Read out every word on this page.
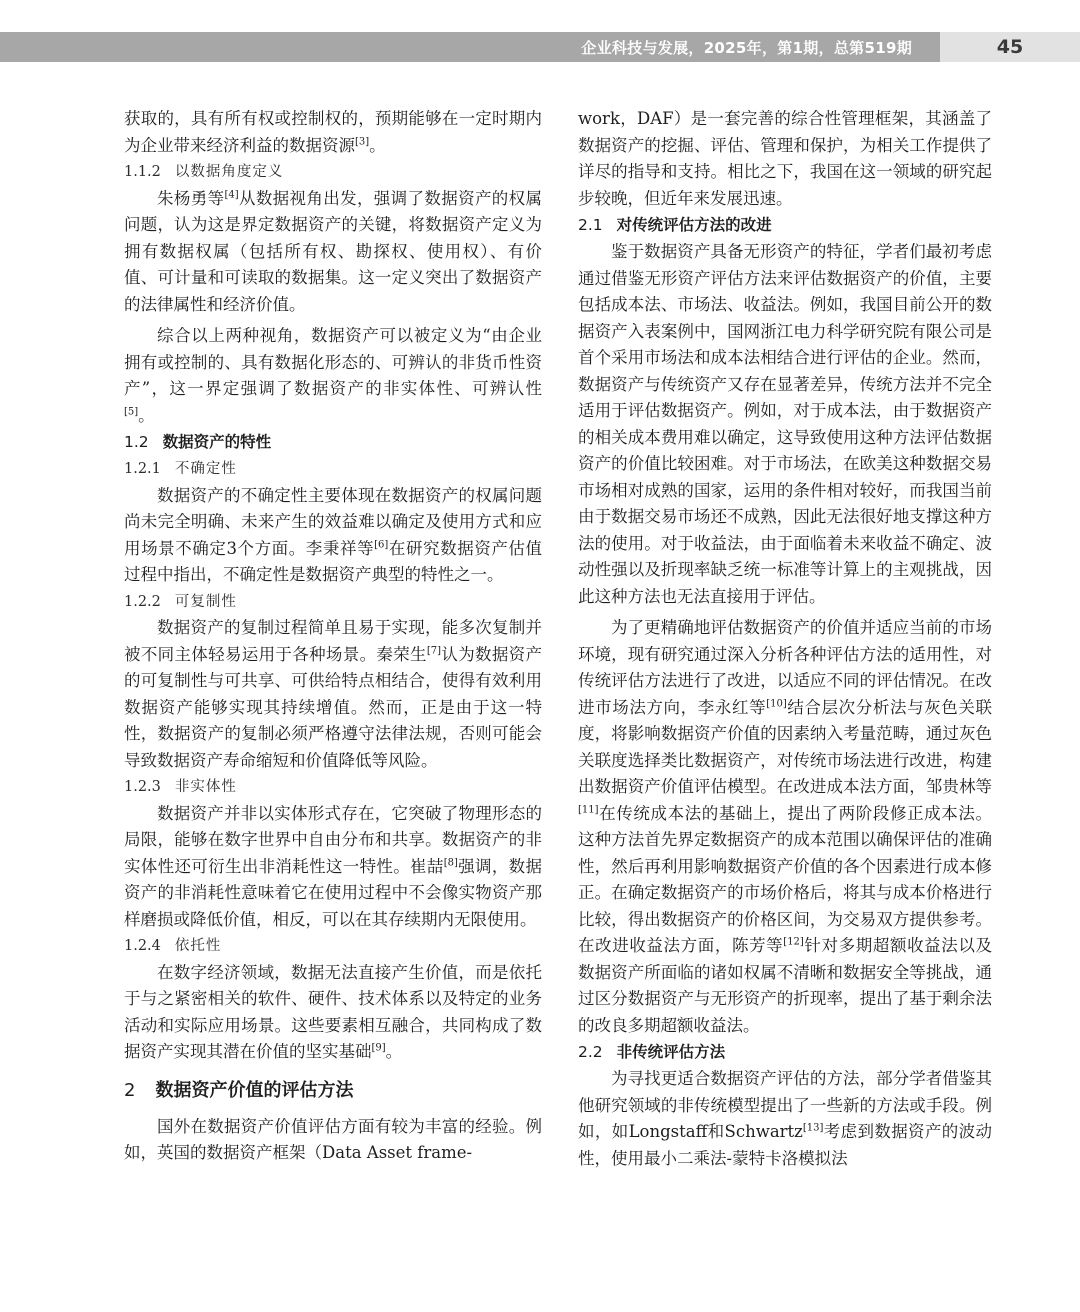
企业科技与发展，2025年，第1期，总第519期	45

获取的，具有所有权或控制权的，预期能够在一定时期内为企业带来经济利益的数据资源[3]。

1.1.2 以数据角度定义

朱杨勇等[4]从数据视角出发，强调了数据资产的权属问题，认为这是界定数据资产的关键，将数据资产定义为拥有数据权属（包括所有权、勘探权、使用权）、有价值、可计量和可读取的数据集。这一定义突出了数据资产的法律属性和经济价值。

综合以上两种视角，数据资产可以被定义为“由企业拥有或控制的、具有数据化形态的、可辨认的非货币性资产”，这一界定强调了数据资产的非实体性、可辨认性[5]。

1.2 数据资产的特性
1.2.1 不确定性

数据资产的不确定性主要体现在数据资产的权属问题尚未完全明确、未来产生的效益难以确定及使用方式和应用场景不确定3个方面。李秉祥等[6]在研究数据资产估值过程中指出，不确定性是数据资产典型的特性之一。

1.2.2 可复制性

数据资产的复制过程简单且易于实现，能多次复制并被不同主体轻易运用于各种场景。秦荣生[7]认为数据资产的可复制性与可共享、可供给特点相结合，使得有效利用数据资产能够实现其持续增值。然而，正是由于这一特性，数据资产的复制必须严格遵守法律法规，否则可能会导致数据资产寿命缩短和价值降低等风险。

1.2.3 非实体性

数据资产并非以实体形式存在，它突破了物理形态的局限，能够在数字世界中自由分布和共享。数据资产的非实体性还可衍生出非消耗性这一特性。崔喆[8]强调，数据资产的非消耗性意味着它在使用过程中不会像实物资产那样磨损或降低价值，相反，可以在其存续期内无限使用。

1.2.4 依托性

在数字经济领域，数据无法直接产生价值，而是依托于与之紧密相关的软件、硬件、技术体系以及特定的业务活动和实际应用场景。这些要素相互融合，共同构成了数据资产实现其潜在价值的坚实基础[9]。

2 数据资产价值的评估方法

国外在数据资产价值评估方面有较为丰富的经验。例如，英国的数据资产框架（Data Asset frame-

work，DAF）是一套完善的综合性管理框架，其涵盖了数据资产的挖掘、评估、管理和保护，为相关工作提供了详尽的指导和支持。相比之下，我国在这一领域的研究起步较晚，但近年来发展迅速。

2.1 对传统评估方法的改进

鉴于数据资产具备无形资产的特征，学者们最初考虑通过借鉴无形资产评估方法来评估数据资产的价值，主要包括成本法、市场法、收益法。例如，我国目前公开的数据资产入表案例中，国网浙江电力科学研究院有限公司是首个采用市场法和成本法相结合进行评估的企业。然而，数据资产与传统资产又存在显著差异，传统方法并不完全适用于评估数据资产。例如，对于成本法，由于数据资产的相关成本费用难以确定，这导致使用这种方法评估数据资产的价值比较困难。对于市场法，在欧美这种数据交易市场相对成熟的国家，运用的条件相对较好，而我国当前由于数据交易市场还不成熟，因此无法很好地支撑这种方法的使用。对于收益法，由于面临着未来收益不确定、波动性强以及折现率缺乏统一标准等计算上的主观挑战，因此这种方法也无法直接用于评估。

为了更精确地评估数据资产的价值并适应当前的市场环境，现有研究通过深入分析各种评估方法的适用性，对传统评估方法进行了改进，以适应不同的评估情况。在改进市场法方向，李永红等[10]结合层次分析法与灰色关联度，将影响数据资产价值的因素纳入考量范畴，通过灰色关联度选择类比数据资产，对传统市场法进行改进，构建出数据资产价值评估模型。在改进成本法方面，邹贵林等[11]在传统成本法的基础上，提出了两阶段修正成本法。这种方法首先界定数据资产的成本范围以确保评估的准确性，然后再利用影响数据资产价值的各个因素进行成本修正。在确定数据资产的市场价格后，将其与成本价格进行比较，得出数据资产的价格区间，为交易双方提供参考。在改进收益法方面，陈芳等[12]针对多期超额收益法以及数据资产所面临的诸如权属不清晰和数据安全等挑战，通过区分数据资产与无形资产的折现率，提出了基于剩余法的改良多期超额收益法。

2.2 非传统评估方法

为寻找更适合数据资产评估的方法，部分学者借鉴其他研究领域的非传统模型提出了一些新的方法或手段。例如，如Longstaff和Schwartz[13]考虑到数据资产的波动性，使用最小二乘法-蒙特卡洛模拟法
